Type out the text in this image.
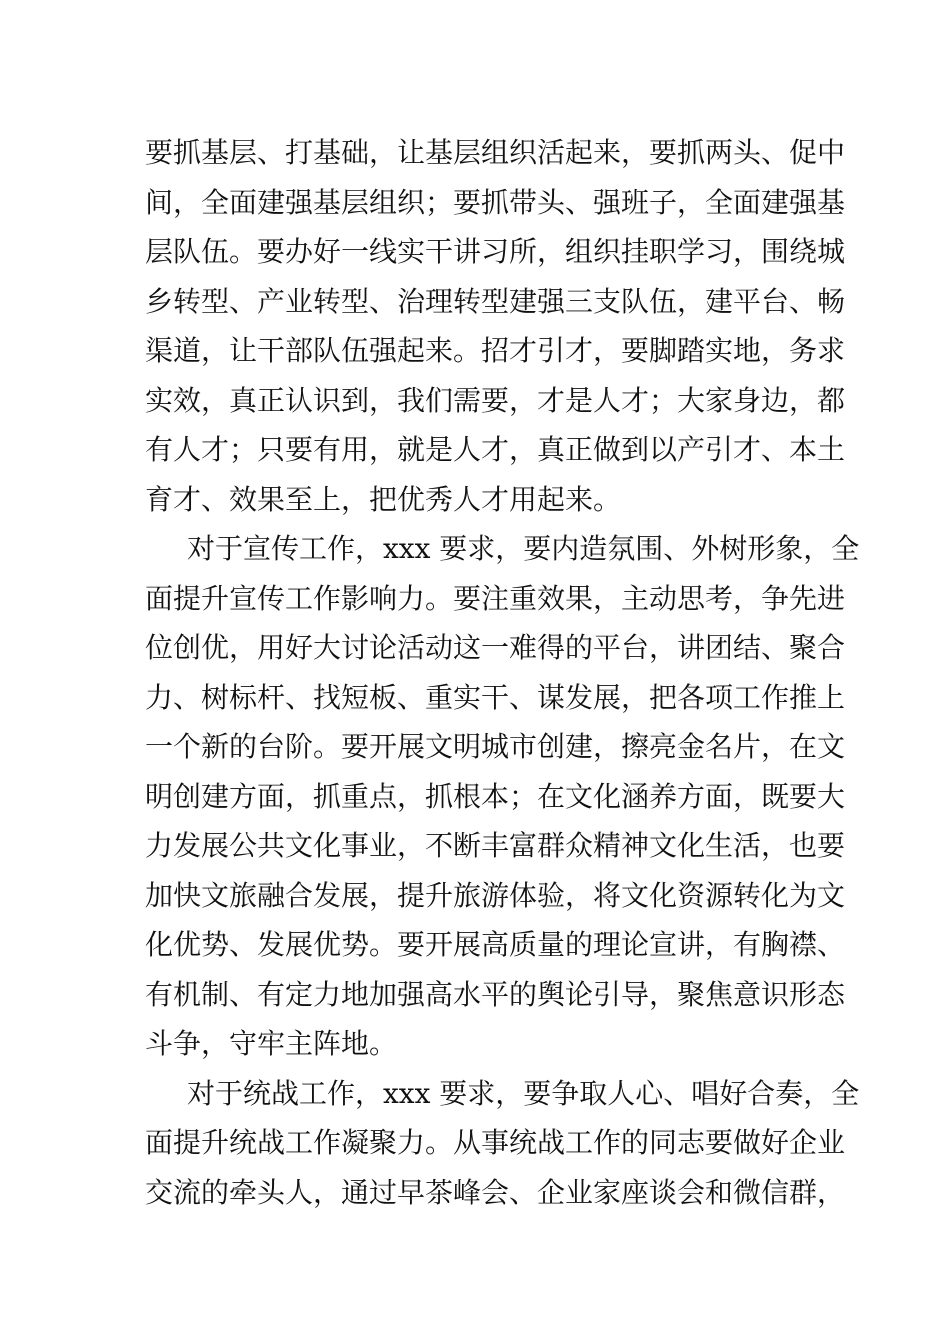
要抓基层、打基础，让基层组织活起来，要抓两头、促中
间，全面建强基层组织；要抓带头、强班子，全面建强基
层队伍。要办好一线实干讲习所，组织挂职学习，围绕城
乡转型、产业转型、治理转型建强三支队伍，建平台、畅
渠道，让干部队伍强起来。招才引才，要脚踏实地，务求
实效，真正认识到，我们需要，才是人才；大家身边，都
有人才；只要有用，就是人才，真正做到以产引才、本土
育才、效果至上，把优秀人才用起来。
对于宣传工作，xxx 要求，要内造氛围、外树形象，全
面提升宣传工作影响力。要注重效果，主动思考，争先进
位创优，用好大讨论活动这一难得的平台，讲团结、聚合
力、树标杆、找短板、重实干、谋发展，把各项工作推上
一个新的台阶。要开展文明城市创建，擦亮金名片，在文
明创建方面，抓重点，抓根本；在文化涵养方面，既要大
力发展公共文化事业，不断丰富群众精神文化生活，也要
加快文旅融合发展，提升旅游体验，将文化资源转化为文
化优势、发展优势。要开展高质量的理论宣讲，有胸襟、
有机制、有定力地加强高水平的舆论引导，聚焦意识形态
斗争，守牢主阵地。
对于统战工作，xxx 要求，要争取人心、唱好合奏，全
面提升统战工作凝聚力。从事统战工作的同志要做好企业
交流的牵头人，通过早茶峰会、企业家座谈会和微信群，
